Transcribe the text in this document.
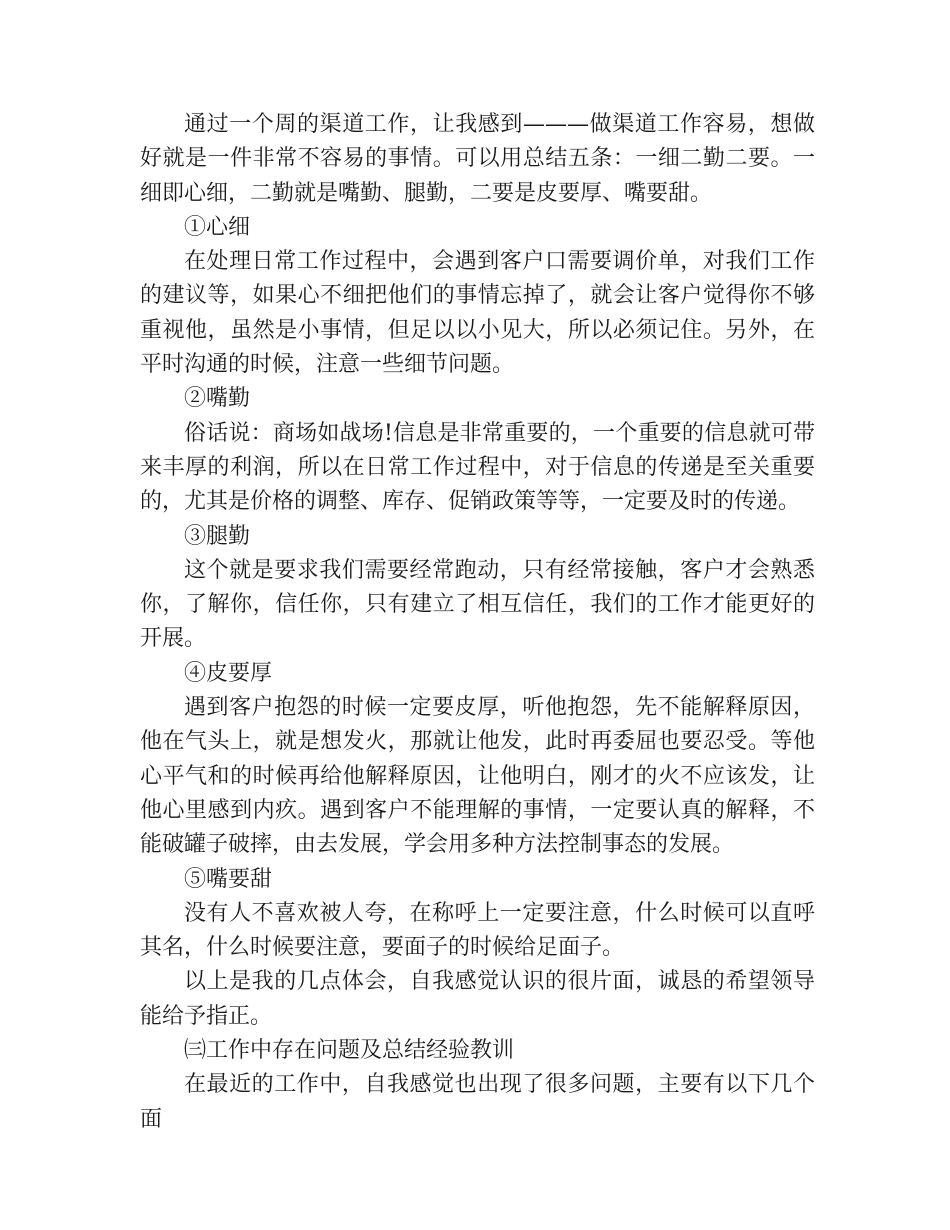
通过一个周的渠道工作，让我感到———做渠道工作容易，想做好就是一件非常不容易的事情。可以用总结五条：一细二勤二要。一细即心细，二勤就是嘴勤、腿勤，二要是皮要厚、嘴要甜。

①心细

在处理日常工作过程中，会遇到客户口需要调价单，对我们工作的建议等，如果心不细把他们的事情忘掉了，就会让客户觉得你不够重视他，虽然是小事情，但足以以小见大，所以必须记住。另外，在平时沟通的时候，注意一些细节问题。

②嘴勤

俗话说：商场如战场!信息是非常重要的，一个重要的信息就可带来丰厚的利润，所以在日常工作过程中，对于信息的传递是至关重要的，尤其是价格的调整、库存、促销政策等等，一定要及时的传递。

③腿勤

这个就是要求我们需要经常跑动，只有经常接触，客户才会熟悉你，了解你，信任你，只有建立了相互信任，我们的工作才能更好的开展。

④皮要厚

遇到客户抱怨的时候一定要皮厚，听他抱怨，先不能解释原因，他在气头上，就是想发火，那就让他发，此时再委屈也要忍受。等他心平气和的时候再给他解释原因，让他明白，刚才的火不应该发，让他心里感到内疚。遇到客户不能理解的事情，一定要认真的解释，不能破罐子破摔，由去发展，学会用多种方法控制事态的发展。

⑤嘴要甜

没有人不喜欢被人夸，在称呼上一定要注意，什么时候可以直呼其名，什么时候要注意，要面子的时候给足面子。

以上是我的几点体会，自我感觉认识的很片面，诚恳的希望领导能给予指正。

㈢工作中存在问题及总结经验教训

在最近的工作中，自我感觉也出现了很多问题，主要有以下几个面
